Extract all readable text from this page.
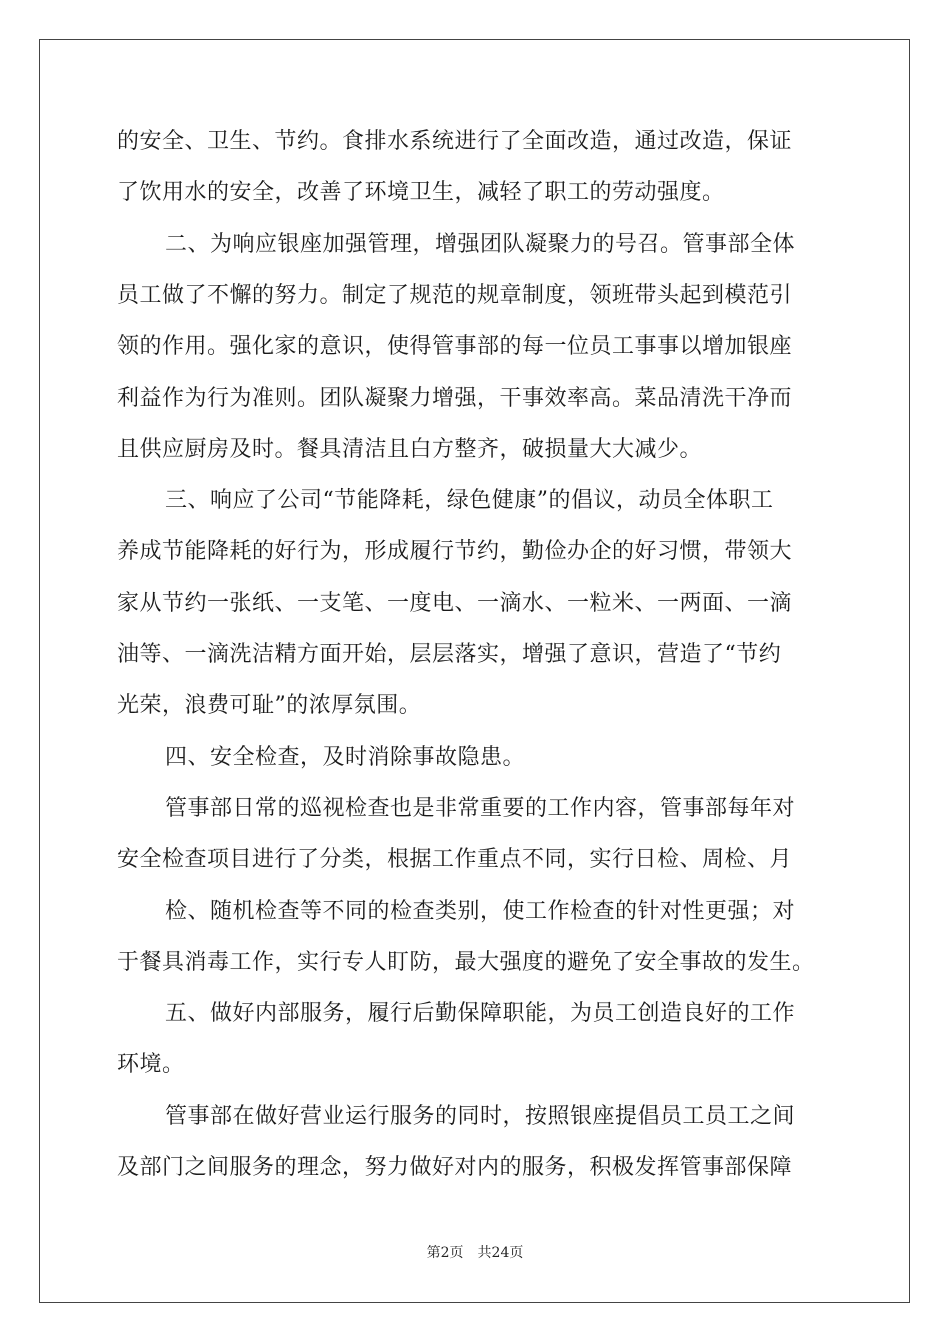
的安全、卫生、节约。食排水系统进行了全面改造，通过改造，保证
了饮用水的安全，改善了环境卫生，减轻了职工的劳动强度。
二、为响应银座加强管理，增强团队凝聚力的号召。管事部全体
员工做了不懈的努力。制定了规范的规章制度，领班带头起到模范引
领的作用。强化家的意识，使得管事部的每一位员工事事以增加银座
利益作为行为准则。团队凝聚力增强，干事效率高。菜品清洗干净而
且供应厨房及时。餐具清洁且白方整齐，破损量大大减少。
三、响应了公司“节能降耗，绿色健康”的倡议，动员全体职工
养成节能降耗的好行为，形成履行节约，勤俭办企的好习惯，带领大
家从节约一张纸、一支笔、一度电、一滴水、一粒米、一两面、一滴
油等、一滴洗洁精方面开始，层层落实，增强了意识，营造了“节约
光荣，浪费可耻”的浓厚氛围。
四、安全检查，及时消除事故隐患。
管事部日常的巡视检查也是非常重要的工作内容，管事部每年对
安全检查项目进行了分类，根据工作重点不同，实行日检、周检、月
检、随机检查等不同的检查类别，使工作检查的针对性更强；对
于餐具消毒工作，实行专人盯防，最大强度的避免了安全事故的发生。
五、做好内部服务，履行后勤保障职能，为员工创造良好的工作
环境。
管事部在做好营业运行服务的同时，按照银座提倡员工员工之间
及部门之间服务的理念，努力做好对内的服务，积极发挥管事部保障
第2页　共24页
